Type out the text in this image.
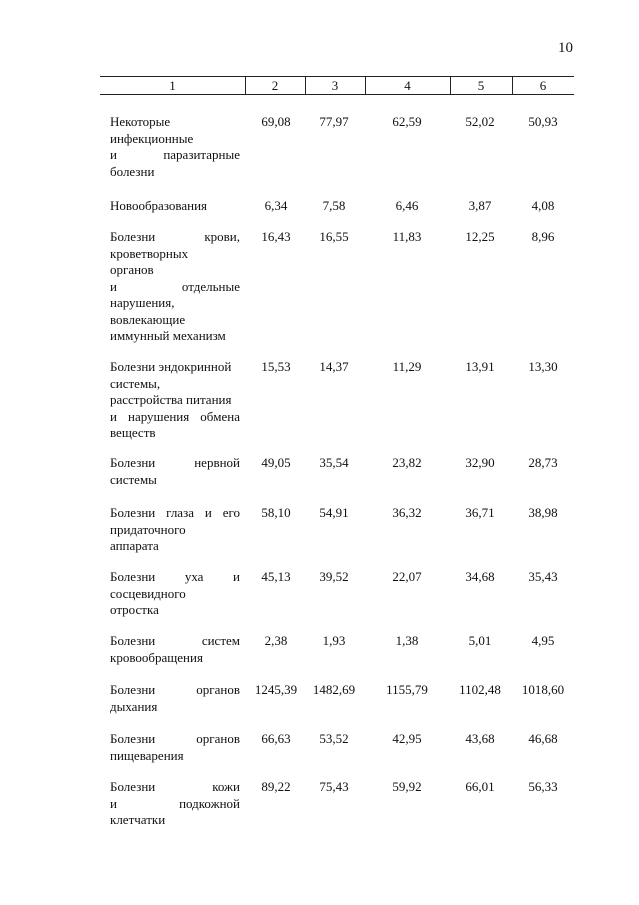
10
1	2	3	4	5	6
Некоторые
инфекционные
и паразитарные
болезни
69,08	77,97	62,59	52,02	50,93
Новообразования	6,34	7,58	6,46	3,87	4,08
Болезни крови,
кроветворных
органов
и отдельные
нарушения,
вовлекающие
иммунный механизм
16,43	16,55	11,83	12,25	8,96
Болезни эндокринной
системы,
расстройства питания
и нарушения обмена
веществ
15,53	14,37	11,29	13,91	13,30
Болезни нервной
системы
49,05	35,54	23,82	32,90	28,73
Болезни глаза и его
придаточного
аппарата
58,10	54,91	36,32	36,71	38,98
Болезни уха и
сосцевидного
отростка
45,13	39,52	22,07	34,68	35,43
Болезни систем
кровообращения
2,38	1,93	1,38	5,01	4,95
Болезни органов
дыхания
1245,39	1482,69	1155,79	1102,48	1018,60
Болезни органов
пищеварения
66,63	53,52	42,95	43,68	46,68
Болезни кожи
и подкожной
клетчатки
89,22	75,43	59,92	66,01	56,33
